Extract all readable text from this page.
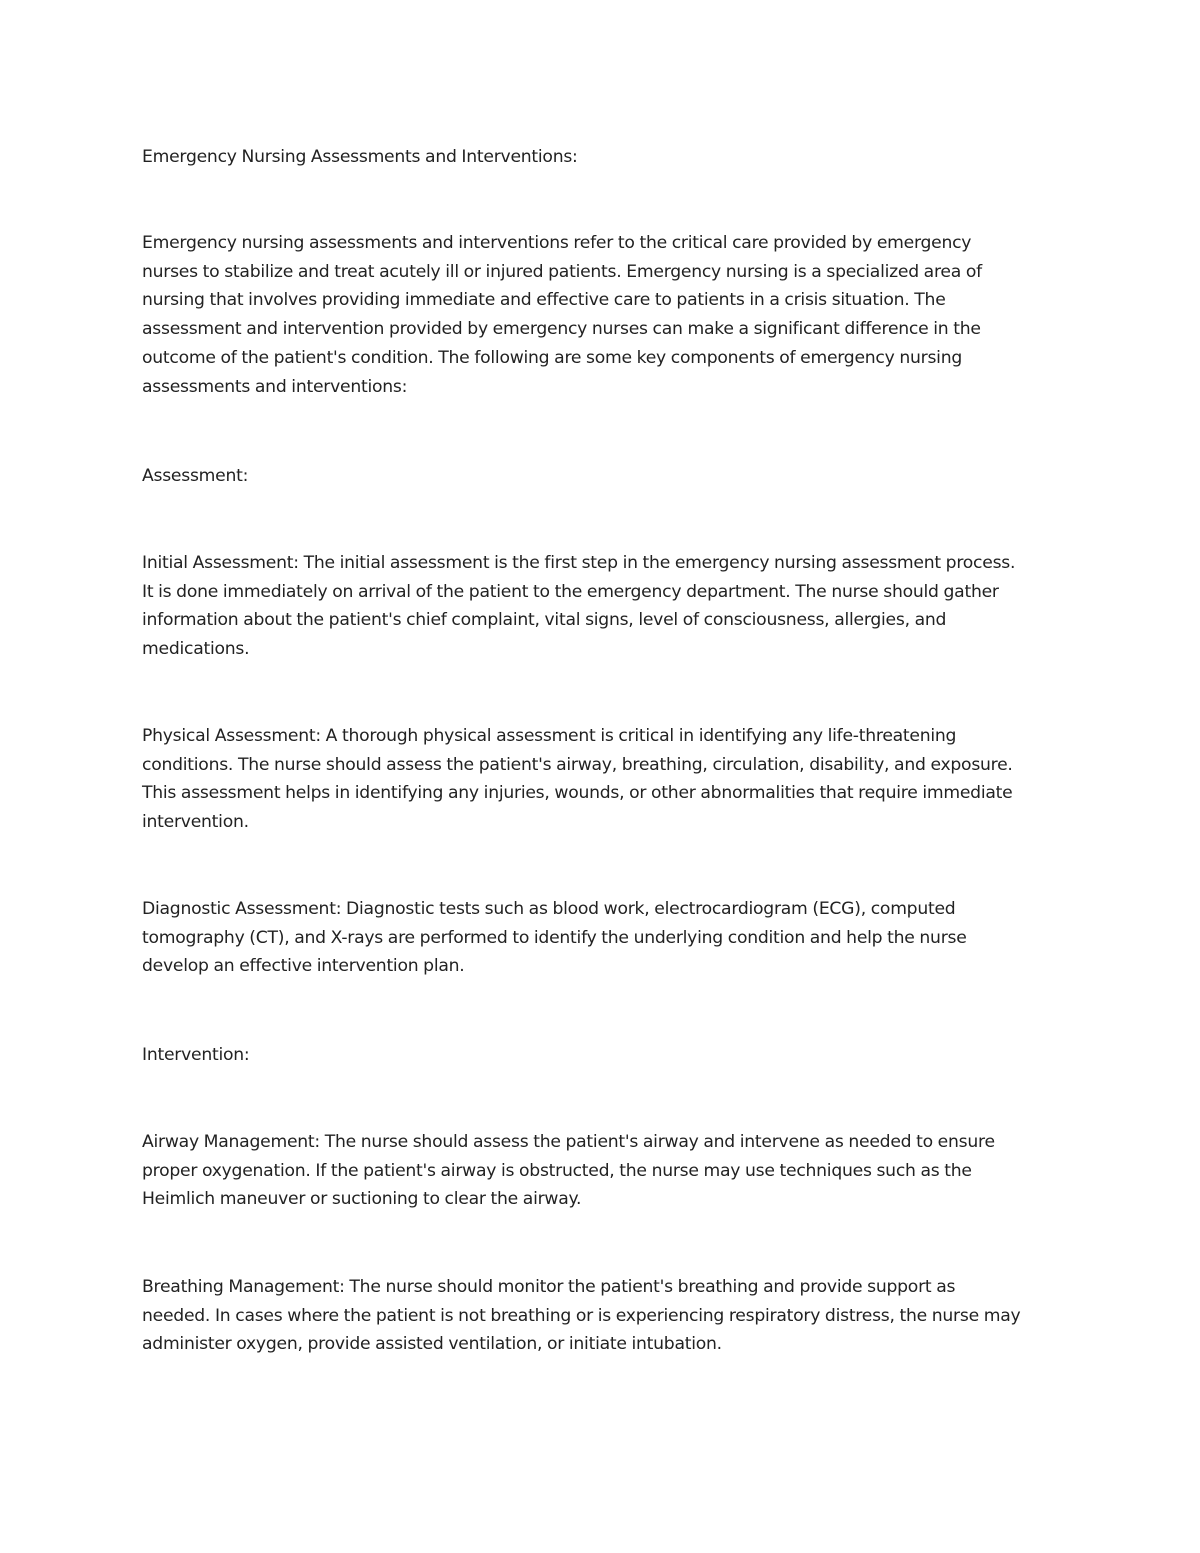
Emergency Nursing Assessments and Interventions:

Emergency nursing assessments and interventions refer to the critical care provided by emergency
nurses to stabilize and treat acutely ill or injured patients. Emergency nursing is a specialized area of
nursing that involves providing immediate and effective care to patients in a crisis situation. The
assessment and intervention provided by emergency nurses can make a significant difference in the
outcome of the patient's condition. The following are some key components of emergency nursing
assessments and interventions:

Assessment:

Initial Assessment: The initial assessment is the first step in the emergency nursing assessment process.
It is done immediately on arrival of the patient to the emergency department. The nurse should gather
information about the patient's chief complaint, vital signs, level of consciousness, allergies, and
medications.

Physical Assessment: A thorough physical assessment is critical in identifying any life-threatening
conditions. The nurse should assess the patient's airway, breathing, circulation, disability, and exposure.
This assessment helps in identifying any injuries, wounds, or other abnormalities that require immediate
intervention.

Diagnostic Assessment: Diagnostic tests such as blood work, electrocardiogram (ECG), computed
tomography (CT), and X-rays are performed to identify the underlying condition and help the nurse
develop an effective intervention plan.

Intervention:

Airway Management: The nurse should assess the patient's airway and intervene as needed to ensure
proper oxygenation. If the patient's airway is obstructed, the nurse may use techniques such as the
Heimlich maneuver or suctioning to clear the airway.

Breathing Management: The nurse should monitor the patient's breathing and provide support as
needed. In cases where the patient is not breathing or is experiencing respiratory distress, the nurse may
administer oxygen, provide assisted ventilation, or initiate intubation.
